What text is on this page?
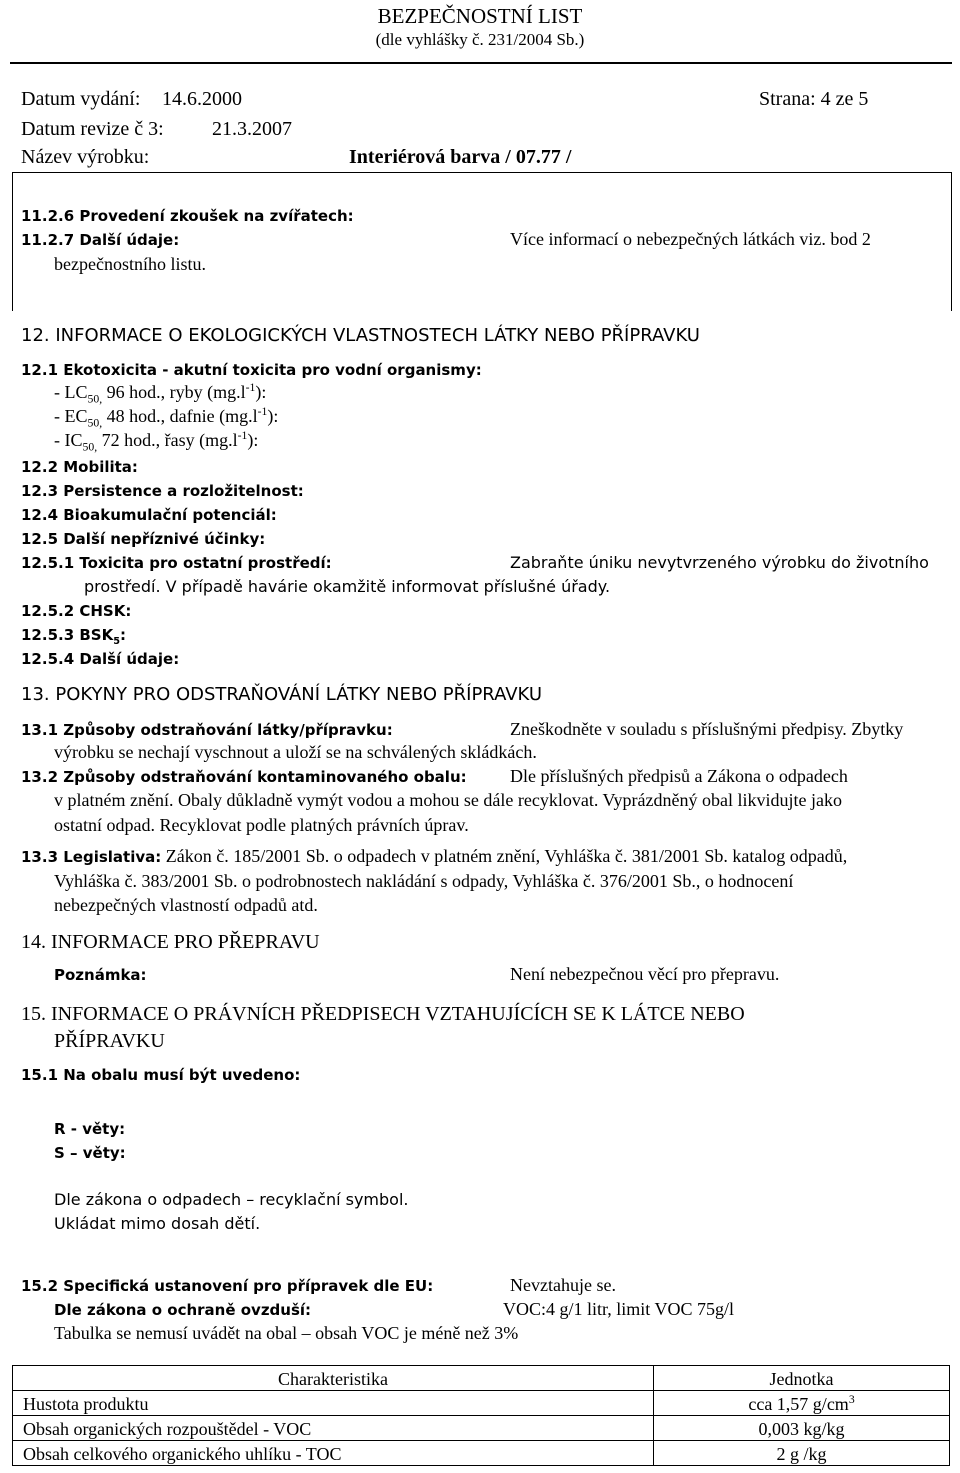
BEZPEČNOSTNÍ LIST
(dle vyhlášky č. 231/2004 Sb.)
Datum vydání: 14.6.2000	Strana: 4 ze 5
Datum revize č 3: 21.3.2007
Název výrobku:	Interiérová barva / 07.77 /
11.2.6 Provedení zkoušek na zvířatech:
11.2.7 Další údaje:	Více informací o nebezpečných látkách viz. bod 2
bezpečnostního listu.
12. INFORMACE O EKOLOGICKÝCH VLASTNOSTECH LÁTKY NEBO PŘÍPRAVKU
12.1 Ekotoxicita - akutní toxicita pro vodní organismy:
- $LC_{50,}$ 96 hod., ryby $(mg.l^{-1})$:
- $EC_{50,}$ 48 hod., dafnie $(mg.l^{-1})$:
- $IC_{50,}$ 72 hod., řasy $(mg.l^{-1})$:
12.2 Mobilita:
12.3 Persistence a rozložitelnost:
12.4 Bioakumulační potenciál:
12.5 Další nepříznivé účinky:
12.5.1 Toxicita pro ostatní prostředí:	Zabraňte úniku nevytvrzeného výrobku do životního
prostředí. V případě havárie okamžitě informovat příslušné úřady.
12.5.2 CHSK:
12.5.3 $BSK_5$:
12.5.4 Další údaje:
13. POKYNY PRO ODSTRAŇOVÁNÍ LÁTKY NEBO PŘÍPRAVKU
13.1 Způsoby odstraňování látky/přípravku:	Zneškodněte v souladu s příslušnými předpisy. Zbytky
výrobku se nechají vyschnout a uloží se na schválených skládkách.
13.2 Způsoby odstraňování kontaminovaného obalu: Dle příslušných předpisů a Zákona o odpadech
v platném znění. Obaly důkladně vymýt vodou a mohou se dále recyklovat. Vyprázdněný obal likvidujte jako
ostatní odpad. Recyklovat podle platných právních úprav.
13.3 Legislativa: Zákon č. 185/2001 Sb. o odpadech v platném znění, Vyhláška č. 381/2001 Sb. katalog odpadů,
Vyhláška č. 383/2001 Sb. o podrobnostech nakládání s odpady, Vyhláška č. 376/2001 Sb., o hodnocení
nebezpečných vlastností odpadů atd.
14. INFORMACE PRO PŘEPRAVU
Poznámka:	Není nebezpečnou věcí pro přepravu.
15. INFORMACE O PRÁVNÍCH PŘEDPISECH VZTAHUJÍCÍCH SE K LÁTCE NEBO
PŘÍPRAVKU
15.1 Na obalu musí být uvedeno:
R - věty:
S – věty:
Dle zákona o odpadech – recyklační symbol.
Ukládat mimo dosah dětí.
15.2 Specifická ustanovení pro přípravek dle EU:	Nevztahuje se.
Dle zákona o ochraně ovzduší:	VOC:4 g/1 litr, limit VOC 75g/l
Tabulka se nemusí uvádět na obal – obsah VOC je méně než 3%
Charakteristika	Jednotka
Hustota produktu	cca 1,57 $g/cm^3$
Obsah organických rozpouštědel - VOC	0,003 kg/kg
Obsah celkového organického uhlíku - TOC	2 g /kg
